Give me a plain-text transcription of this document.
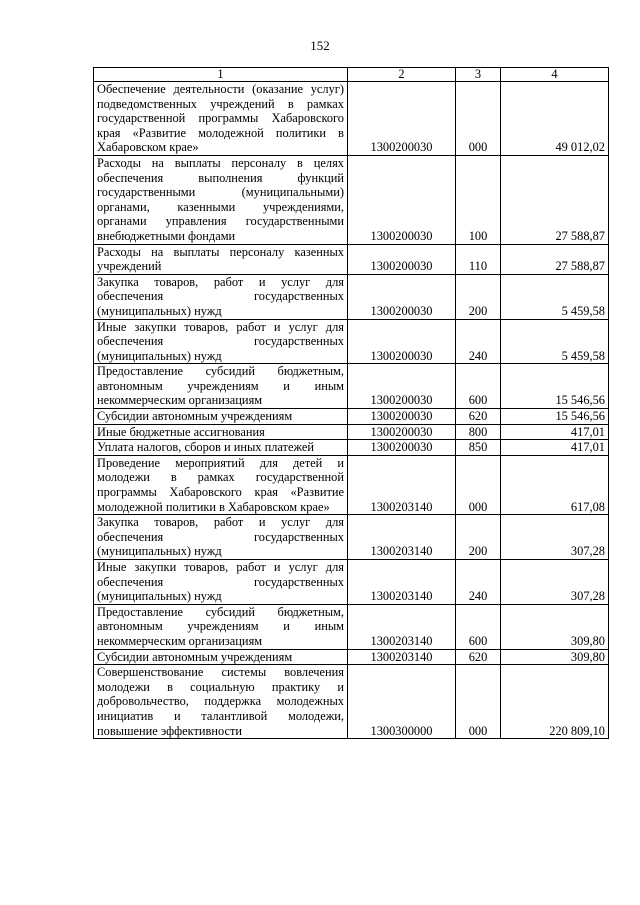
152
1	2	3	4
Обеспечение деятельности (оказание услуг) подведомственных учреждений в рамках государственной программы Хабаровского края «Развитие молодежной политики в Хабаровском крае»	1300200030	000	49 012,02
Расходы на выплаты персоналу в целях обеспечения выполнения функций государственными (муниципальными) органами, казенными учреждениями, органами управления государственными внебюджетными фондами	1300200030	100	27 588,87
Расходы на выплаты персоналу казенных учреждений	1300200030	110	27 588,87
Закупка товаров, работ и услуг для обеспечения государственных (муниципальных) нужд	1300200030	200	5 459,58
Иные закупки товаров, работ и услуг для обеспечения государственных (муниципальных) нужд	1300200030	240	5 459,58
Предоставление субсидий бюджетным, автономным учреждениям и иным некоммерческим организациям	1300200030	600	15 546,56
Субсидии автономным учреждениям	1300200030	620	15 546,56
Иные бюджетные ассигнования	1300200030	800	417,01
Уплата налогов, сборов и иных платежей	1300200030	850	417,01
Проведение мероприятий для детей и молодежи в рамках государственной программы Хабаровского края «Развитие молодежной политики в Хабаровском крае»	1300203140	000	617,08
Закупка товаров, работ и услуг для обеспечения государственных (муниципальных) нужд	1300203140	200	307,28
Иные закупки товаров, работ и услуг для обеспечения государственных (муниципальных) нужд	1300203140	240	307,28
Предоставление субсидий бюджетным, автономным учреждениям и иным некоммерческим организациям	1300203140	600	309,80
Субсидии автономным учреждениям	1300203140	620	309,80
Совершенствование системы вовлечения молодежи в социальную практику и добровольчество, поддержка молодежных инициатив и талантливой молодежи, повышение эффективности	1300300000	000	220 809,10
